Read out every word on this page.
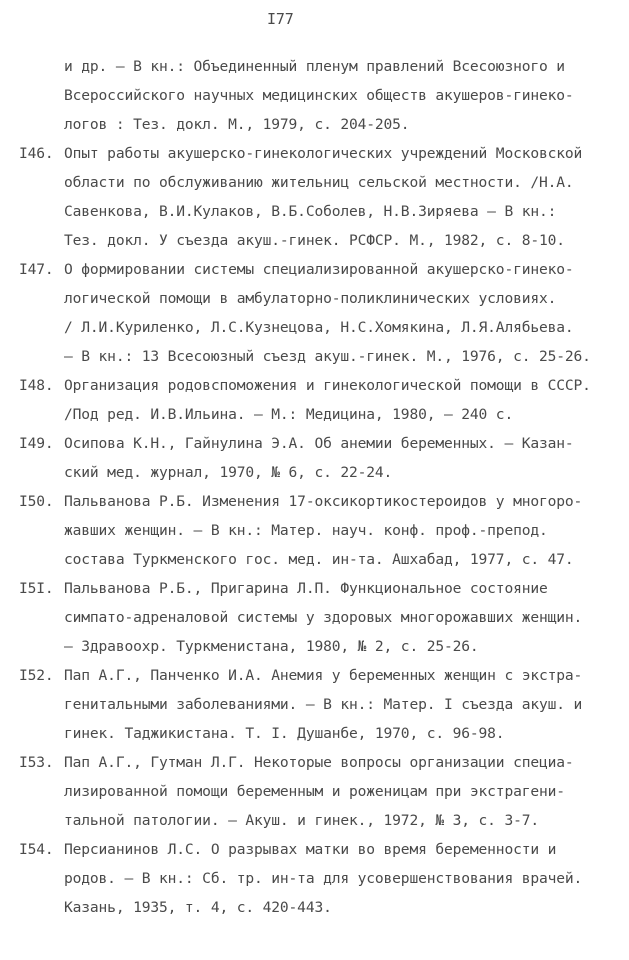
I77
и др. – В кн.: Объединенный пленум правлений Всесоюзного и
Всероссийского научных медицинских обществ акушеров-гинеко-
логов : Тез. докл. М., 1979, с. 204-205.
I46. Опыт работы акушерско-гинекологических учреждений Московской
области по обслуживанию жительниц сельской местности. /Н.А.
Савенкова, В.И.Кулаков, В.Б.Соболев, Н.В.Зиряева – В кн.:
Тез. докл. У съезда акуш.-гинек. РСФСР. М., 1982, с. 8-10.
I47. О формировании системы специализированной акушерско-гинеко-
логической помощи в амбулаторно-поликлинических условиях.
/ Л.И.Куриленко, Л.С.Кузнецова, Н.С.Хомякина, Л.Я.Алябьева.
– В кн.: 13 Всесоюзный съезд акуш.-гинек. М., 1976, с. 25-26.
I48. Организация родовспоможения и гинекологической помощи в СССР.
/Под ред. И.В.Ильина. – М.: Медицина, 1980, – 240 с.
I49. Осипова К.Н., Гайнулина Э.А. Об анемии беременных. – Казан-
ский мед. журнал, 1970, № 6, с. 22-24.
I50. Пальванова Р.Б. Изменения 17-оксикортикостероидов у многоро-
жавших женщин. – В кн.: Матер. науч. конф. проф.-препод.
состава Туркменского гос. мед. ин-та. Ашхабад, 1977, с. 47.
I5I. Пальванова Р.Б., Пригарина Л.П. Функциональное состояние
симпато-адреналовой системы у здоровых многорожавших женщин.
– Здравоохр. Туркменистана, 1980, № 2, с. 25-26.
I52. Пап А.Г., Панченко И.А. Анемия у беременных женщин с экстра-
генитальными заболеваниями. – В кн.: Матер. I съезда акуш. и
гинек. Таджикистана. Т. I. Душанбе, 1970, с. 96-98.
I53. Пап А.Г., Гутман Л.Г. Некоторые вопросы организации специа-
лизированной помощи беременным и роженицам при экстрагени-
тальной патологии. – Акуш. и гинек., 1972, № 3, с. 3-7.
I54. Персианинов Л.С. О разрывах матки во время беременности и
родов. – В кн.: Сб. тр. ин-та для усовершенствования врачей.
Казань, 1935, т. 4, с. 420-443.
